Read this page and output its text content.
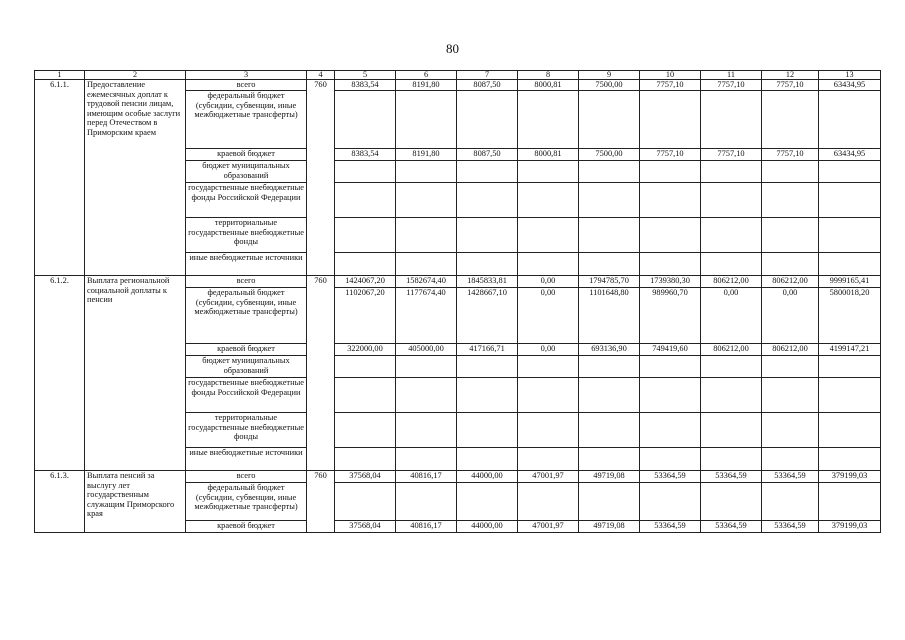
80
1	2	3	4	5	6	7	8	9	10	11	12	13
6.1.1.	Предоставление ежемесячных доплат к трудовой пенсии лицам, имеющим особые заслуги перед Отечеством в Приморским краем	всего	760	8383,54	8191,80	8087,50	8000,81	7500,00	7757,10	7757,10	7757,10	63434,95
		федеральный бюджет (субсидии, субвенции, иные межбюджетные трансферты)										
		краевой бюджет		8383,54	8191,80	8087,50	8000,81	7500,00	7757,10	7757,10	7757,10	63434,95
		бюджет муниципальных образований										
		государственные внебюджетные фонды Российской Федерации										
		территориальные государственные внебюджетные фонды										
		иные внебюджетные источники										
6.1.2.	Выплата региональной социальной доплаты к пенсии	всего	760	1424067,20	1582674,40	1845833,81	0,00	1794785,70	1739380,30	806212,00	806212,00	9999165,41
		федеральный бюджет (субсидии, субвенции, иные межбюджетные трансферты)		1102067,20	1177674,40	1428667,10	0,00	1101648,80	989960,70	0,00	0,00	5800018,20
		краевой бюджет		322000,00	405000,00	417166,71	0,00	693136,90	749419,60	806212,00	806212,00	4199147,21
		бюджет муниципальных образований										
		государственные внебюджетные фонды Российской Федерации										
		территориальные государственные внебюджетные фонды										
		иные внебюджетные источники										
6.1.3.	Выплата пенсий за выслугу лет государственным служащим Приморского края	всего	760	37568,04	40816,17	44000,00	47001,97	49719,08	53364,59	53364,59	53364,59	379199,03
		федеральный бюджет (субсидии, субвенции, иные межбюджетные трансферты)										
		краевой бюджет		37568,04	40816,17	44000,00	47001,97	49719,08	53364,59	53364,59	53364,59	379199,03
